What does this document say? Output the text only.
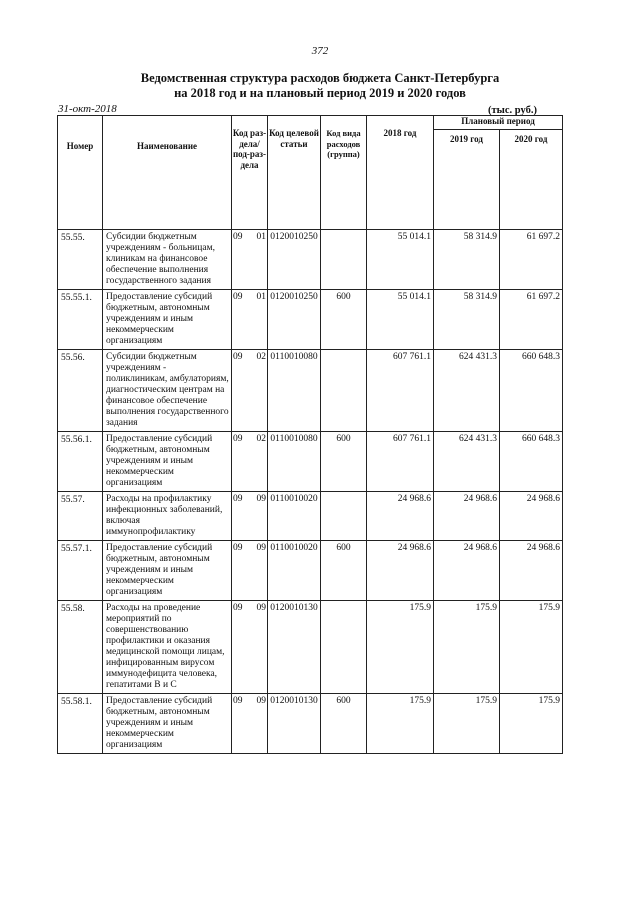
372
Ведомственная структура расходов бюджета Санкт-Петербурга
на 2018 год и на плановый период 2019 и 2020 годов
31-окт-2018	(тыс. руб.)
Номер	Наименование	Код раз-дела/ под-раз-дела	Код целевой статьи	Код вида расходов (группа)	2018 год	Плановый период	
						2019 год	2020 год
55.55.	Субсидии бюджетным учреждениям - больницам, клиникам на финансовое обеспечение выполнения государственного задания	09 01	0120010250		55 014.1	58 314.9	61 697.2
55.55.1.	Предоставление субсидий бюджетным, автономным учреждениям и иным некоммерческим организациям	09 01	0120010250	600	55 014.1	58 314.9	61 697.2
55.56.	Субсидии бюджетным учреждениям - поликлиникам, амбулаториям, диагностическим центрам на финансовое обеспечение выполнения государственного задания	09 02	0110010080		607 761.1	624 431.3	660 648.3
55.56.1.	Предоставление субсидий бюджетным, автономным учреждениям и иным некоммерческим организациям	09 02	0110010080	600	607 761.1	624 431.3	660 648.3
55.57.	Расходы на профилактику инфекционных заболеваний, включая иммунопрофилактику	09 09	0110010020		24 968.6	24 968.6	24 968.6
55.57.1.	Предоставление субсидий бюджетным, автономным учреждениям и иным некоммерческим организациям	09 09	0110010020	600	24 968.6	24 968.6	24 968.6
55.58.	Расходы на проведение мероприятий по совершенствованию профилактики и оказания медицинской помощи лицам, инфицированным вирусом иммунодефицита человека, гепатитами В и С	09 09	0120010130		175.9	175.9	175.9
55.58.1.	Предоставление субсидий бюджетным, автономным учреждениям и иным некоммерческим организациям	09 09	0120010130	600	175.9	175.9	175.9
